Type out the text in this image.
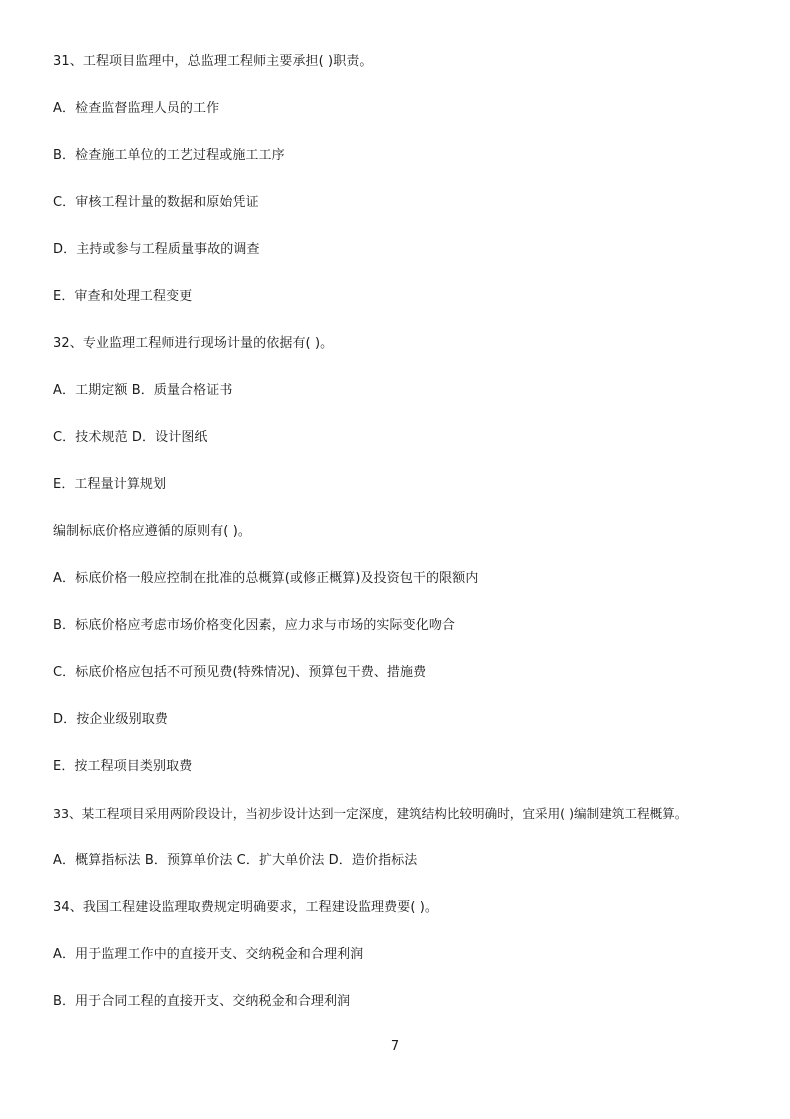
31、工程项目监理中，总监理工程师主要承担( )职责。
A．检查监督监理人员的工作
B．检查施工单位的工艺过程或施工工序
C．审核工程计量的数据和原始凭证
D．主持或参与工程质量事故的调查
E．审查和处理工程变更
32、专业监理工程师进行现场计量的依据有( )。
A．工期定额 B．质量合格证书
C．技术规范 D．设计图纸
E．工程量计算规划
编制标底价格应遵循的原则有( )。
A．标底价格一般应控制在批准的总概算(或修正概算)及投资包干的限额内
B．标底价格应考虑市场价格变化因素，应力求与市场的实际变化吻合
C．标底价格应包括不可预见费(特殊情况)、预算包干费、措施费
D．按企业级别取费
E．按工程项目类别取费
33、某工程项目采用两阶段设计，当初步设计达到一定深度，建筑结构比较明确时，宜采用( )编制建筑工程概算。
A．概算指标法 B．预算单价法 C．扩大单价法 D．造价指标法
34、我国工程建设监理取费规定明确要求，工程建设监理费要( )。
A．用于监理工作中的直接开支、交纳税金和合理利润
B．用于合同工程的直接开支、交纳税金和合理利润
7
